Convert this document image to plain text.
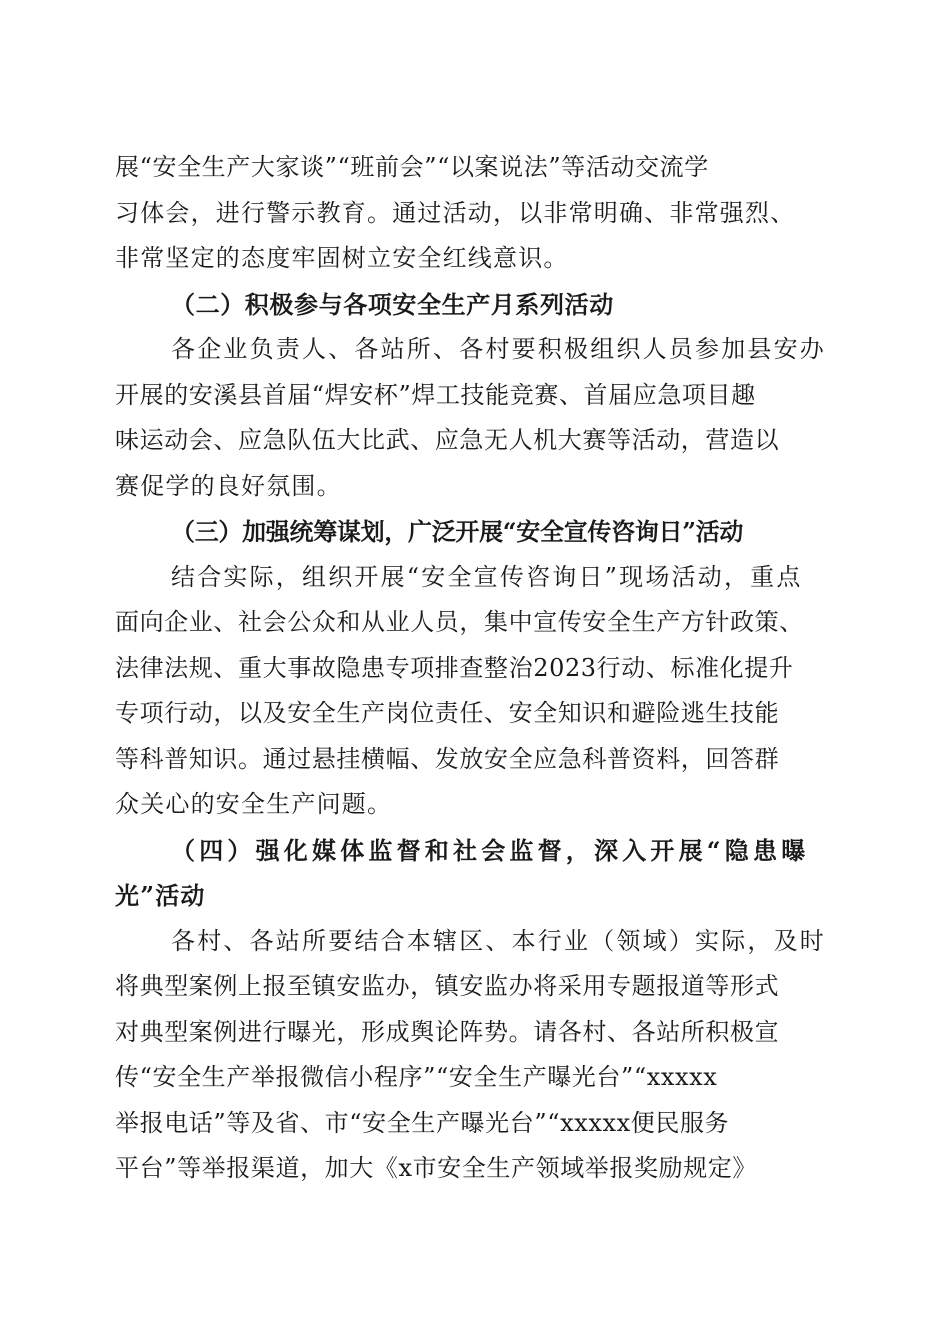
展“安全生产大家谈”“班前会”“以案说法”等活动交流学
习体会，进行警示教育。通过活动，以非常明确、非常强烈、
非常坚定的态度牢固树立安全红线意识。
（二）积极参与各项安全生产月系列活动
各企业负责人、各站所、各村要积极组织人员参加县安办
开展的安溪县首届“焊安杯”焊工技能竞赛、首届应急项目趣
味运动会、应急队伍大比武、应急无人机大赛等活动，营造以
赛促学的良好氛围。
（三）加强统筹谋划，广泛开展“安全宣传咨询日”活动
结合实际，组织开展“安全宣传咨询日”现场活动，重点
面向企业、社会公众和从业人员，集中宣传安全生产方针政策、
法律法规、重大事故隐患专项排查整治2023行动、标准化提升
专项行动，以及安全生产岗位责任、安全知识和避险逃生技能
等科普知识。通过悬挂横幅、发放安全应急科普资料，回答群
众关心的安全生产问题。
（四）强化媒体监督和社会监督，深入开展“隐患曝
光”活动
各村、各站所要结合本辖区、本行业（领域）实际，及时
将典型案例上报至镇安监办，镇安监办将采用专题报道等形式
对典型案例进行曝光，形成舆论阵势。请各村、各站所积极宣
传“安全生产举报微信小程序”“安全生产曝光台”“xxxxx
举报电话”等及省、市“安全生产曝光台”“xxxxx便民服务
平台”等举报渠道，加大《x市安全生产领域举报奖励规定》
